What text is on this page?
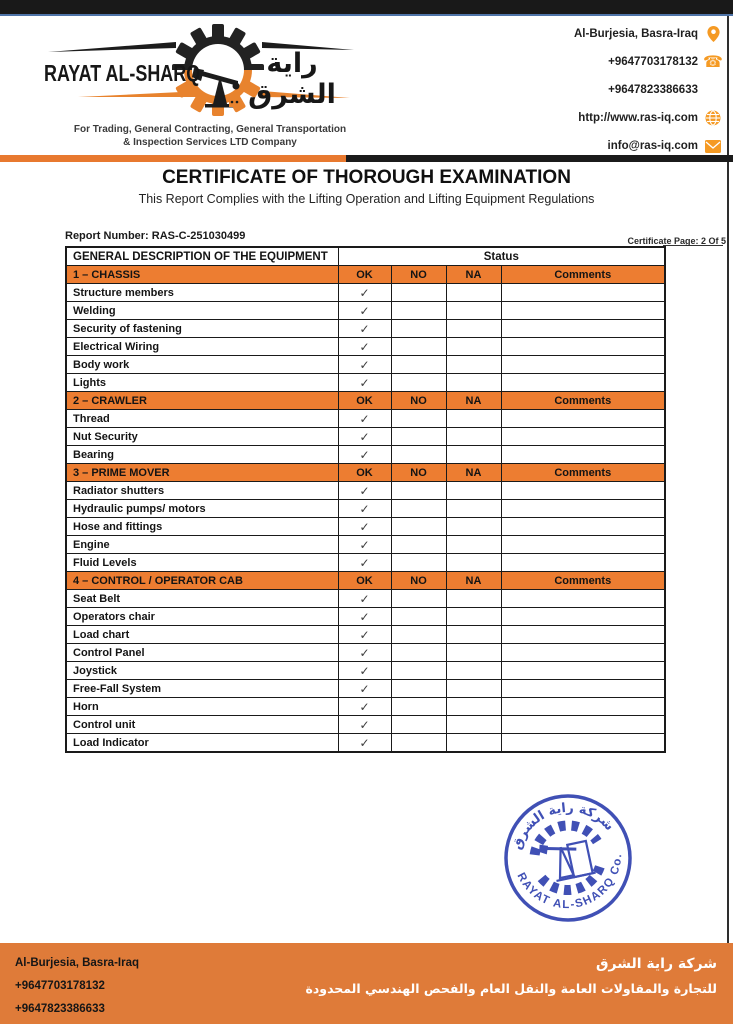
RAYAT AL-SHARQ	راية الشرق
For Trading, General Contracting, General Transportation
& Inspection Services LTD Company
Al-Burjesia, Basra-Iraq
+9647703178132 ☎
+9647823386633
http://www.ras-iq.com
info@ras-iq.com
CERTIFICATE OF THOROUGH EXAMINATION
This Report Complies with the Lifting Operation and Lifting Equipment Regulations
Report Number: RAS-C-251030499	Certificate Page: 2 Of 5
GENERAL DESCRIPTION OF THE EQUIPMENT	Status			
1 – CHASSIS	OK	NO	NA	Comments
Structure members	✓			
Welding	✓			
Security of fastening	✓			
Electrical Wiring	✓			
Body work	✓			
Lights	✓			
2 – CRAWLER	OK	NO	NA	Comments
Thread	✓			
Nut Security	✓			
Bearing	✓			
3 – PRIME MOVER	OK	NO	NA	Comments
Radiator shutters	✓			
Hydraulic pumps/ motors	✓			
Hose and fittings	✓			
Engine	✓			
Fluid Levels	✓			
4 – CONTROL / OPERATOR CAB	OK	NO	NA	Comments
Seat Belt	✓			
Operators chair	✓			
Load chart	✓			
Control Panel	✓			
Joystick	✓			
Free-Fall System	✓			
Horn	✓			
Control unit	✓			
Load Indicator	✓			
شركة راية الشرق
RAYAT AL-SHARQ Co.
Al-Burjesia, Basra-Iraq
+9647703178132
+9647823386633
شركة راية الشرق
للتجارة والمقاولات العامة والنقل العام والفحص الهندسي المحدودة
